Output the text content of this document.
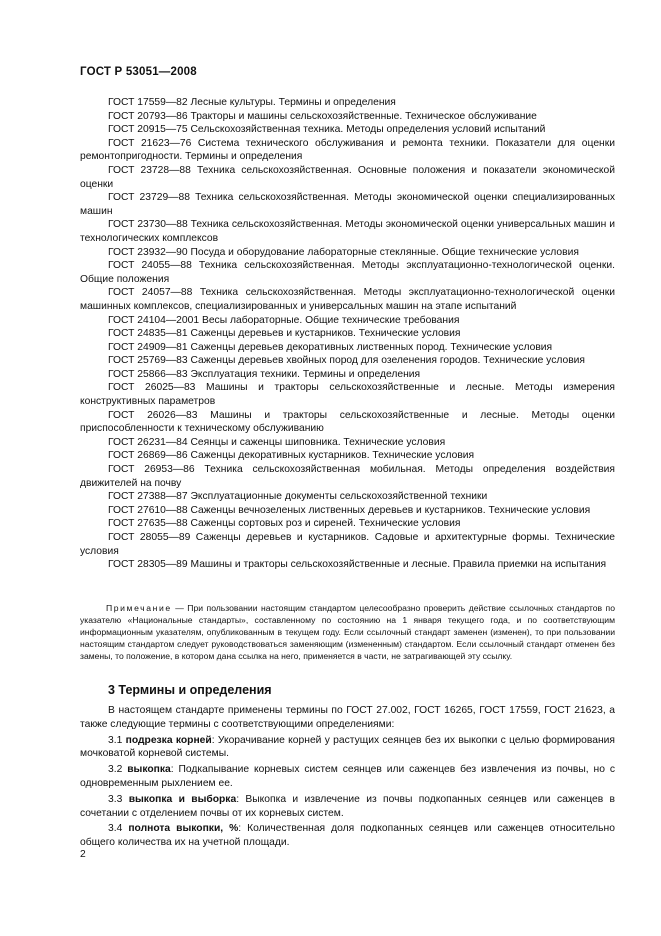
ГОСТ Р 53051—2008

ГОСТ 17559—82 Лесные культуры. Термины и определения

ГОСТ 20793—86 Тракторы и машины сельскохозяйственные. Техническое обслуживание

ГОСТ 20915—75 Сельскохозяйственная техника. Методы определения условий испытаний

ГОСТ 21623—76 Система технического обслуживания и ремонта техники. Показатели для оценки ремонтопригодности. Термины и определения

ГОСТ 23728—88 Техника сельскохозяйственная. Основные положения и показатели экономической оценки

ГОСТ 23729—88 Техника сельскохозяйственная. Методы экономической оценки специализированных машин

ГОСТ 23730—88 Техника сельскохозяйственная. Методы экономической оценки универсальных машин и технологических комплексов

ГОСТ 23932—90 Посуда и оборудование лабораторные стеклянные. Общие технические условия

ГОСТ 24055—88 Техника сельскохозяйственная. Методы эксплуатационно-технологической оценки. Общие положения

ГОСТ 24057—88 Техника сельскохозяйственная. Методы эксплуатационно-технологической оценки машинных комплексов, специализированных и универсальных машин на этапе испытаний

ГОСТ 24104—2001 Весы лабораторные. Общие технические требования

ГОСТ 24835—81 Саженцы деревьев и кустарников. Технические условия

ГОСТ 24909—81 Саженцы деревьев декоративных лиственных пород. Технические условия

ГОСТ 25769—83 Саженцы деревьев хвойных пород для озеленения городов. Технические условия

ГОСТ 25866—83 Эксплуатация техники. Термины и определения

ГОСТ 26025—83 Машины и тракторы сельскохозяйственные и лесные. Методы измерения конструктивных параметров

ГОСТ 26026—83 Машины и тракторы сельскохозяйственные и лесные. Методы оценки приспособленности к техническому обслуживанию

ГОСТ 26231—84 Сеянцы и саженцы шиповника. Технические условия

ГОСТ 26869—86 Саженцы декоративных кустарников. Технические условия

ГОСТ 26953—86 Техника сельскохозяйственная мобильная. Методы определения воздействия движителей на почву

ГОСТ 27388—87 Эксплуатационные документы сельскохозяйственной техники

ГОСТ 27610—88 Саженцы вечнозеленых лиственных деревьев и кустарников. Технические условия

ГОСТ 27635—88 Саженцы сортовых роз и сиреней. Технические условия

ГОСТ 28055—89 Саженцы деревьев и кустарников. Садовые и архитектурные формы. Технические условия

ГОСТ 28305—89 Машины и тракторы сельскохозяйственные и лесные. Правила приемки на испытания

Примечание — При пользовании настоящим стандартом целесообразно проверить действие ссылочных стандартов по указателю «Национальные стандарты», составленному по состоянию на 1 января текущего года, и по соответствующим информационным указателям, опубликованным в текущем году. Если ссылочный стандарт заменен (изменен), то при пользовании настоящим стандартом следует руководствоваться заменяющим (измененным) стандартом. Если ссылочный стандарт отменен без замены, то положение, в котором дана ссылка на него, применяется в части, не затрагивающей эту ссылку.

3 Термины и определения

В настоящем стандарте применены термины по ГОСТ 27.002, ГОСТ 16265, ГОСТ 17559, ГОСТ 21623, а также следующие термины с соответствующими определениями:

3.1 подрезка корней: Укорачивание корней у растущих сеянцев без их выкопки с целью формирования мочковатой корневой системы.

3.2 выкопка: Подкапывание корневых систем сеянцев или саженцев без извлечения из почвы, но с одновременным рыхлением ее.

3.3 выкопка и выборка: Выкопка и извлечение из почвы подкопанных сеянцев или саженцев в сочетании с отделением почвы от их корневых систем.

3.4 полнота выкопки, %: Количественная доля подкопанных сеянцев или саженцев относительно общего количества их на учетной площади.

2
